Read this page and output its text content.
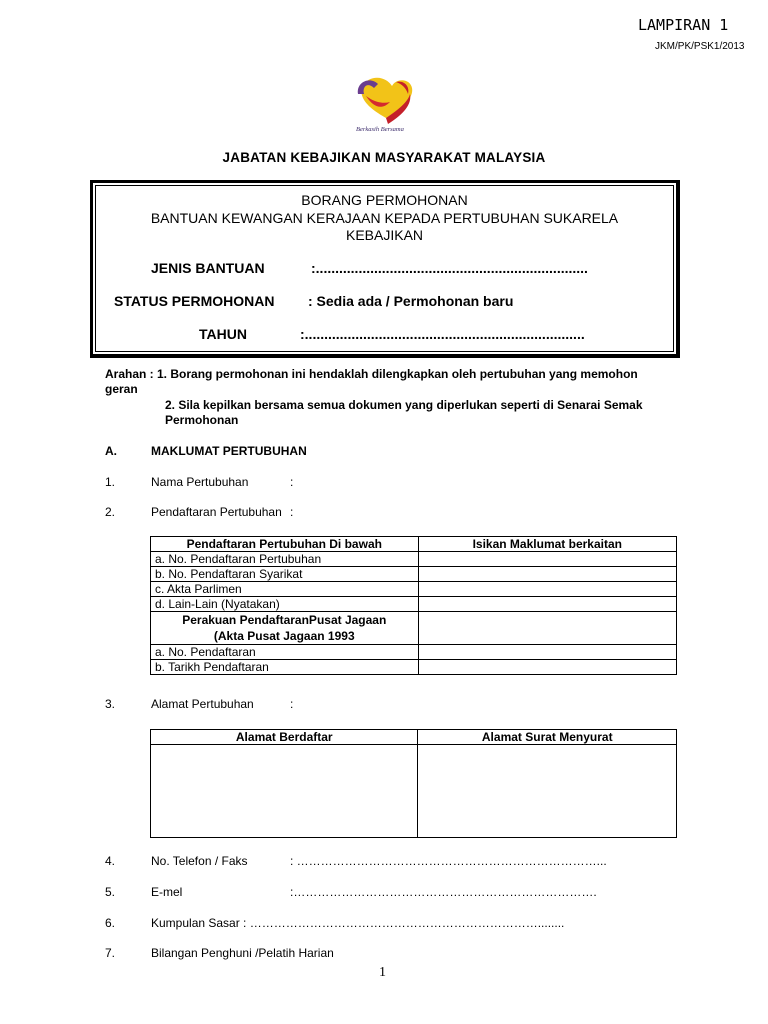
LAMPIRAN 1
JKM/PK/PSK1/2013
Berkasih Bersama
JABATAN KEBAJIKAN MASYARAKAT MALAYSIA
BORANG PERMOHONAN
BANTUAN KEWANGAN KERAJAAN KEPADA PERTUBUHAN SUKARELA
KEBAJIKAN
JENIS BANTUAN	:......................................................................
STATUS PERMOHONAN : Sedia ada / Permohonan baru
TAHUN	:........................................................................
Arahan : 1. Borang permohonan ini hendaklah dilengkapkan oleh pertubuhan yang memohon
geran
2. Sila kepilkan bersama semua dokumen yang diperlukan seperti di Senarai Semak
Permohonan
A.	MAKLUMAT PERTUBUHAN
1.	Nama Pertubuhan	:
2.	Pendaftaran Pertubuhan :
Pendaftaran Pertubuhan Di bawah	Isikan Maklumat berkaitan
a. No. Pendaftaran Pertubuhan	
b. No. Pendaftaran Syarikat	
c. Akta Parlimen	
d. Lain-Lain (Nyatakan)	

Perakuan PendaftaranPusat Jagaan
(Akta Pusat Jagaan 1993	

a. No. Pendaftaran	
b. Tarikh Pendaftaran	
3.	Alamat Pertubuhan	:
Alamat Berdaftar	Alamat Surat Menyurat

4.	No. Telefon / Faks	: …………………………………………………………………...
5.	E-mel	:………………………………………………………………….
6.	Kumpulan Sasar : ………………………………………………………………........
7.	Bilangan Penghuni /Pelatih Harian
1
